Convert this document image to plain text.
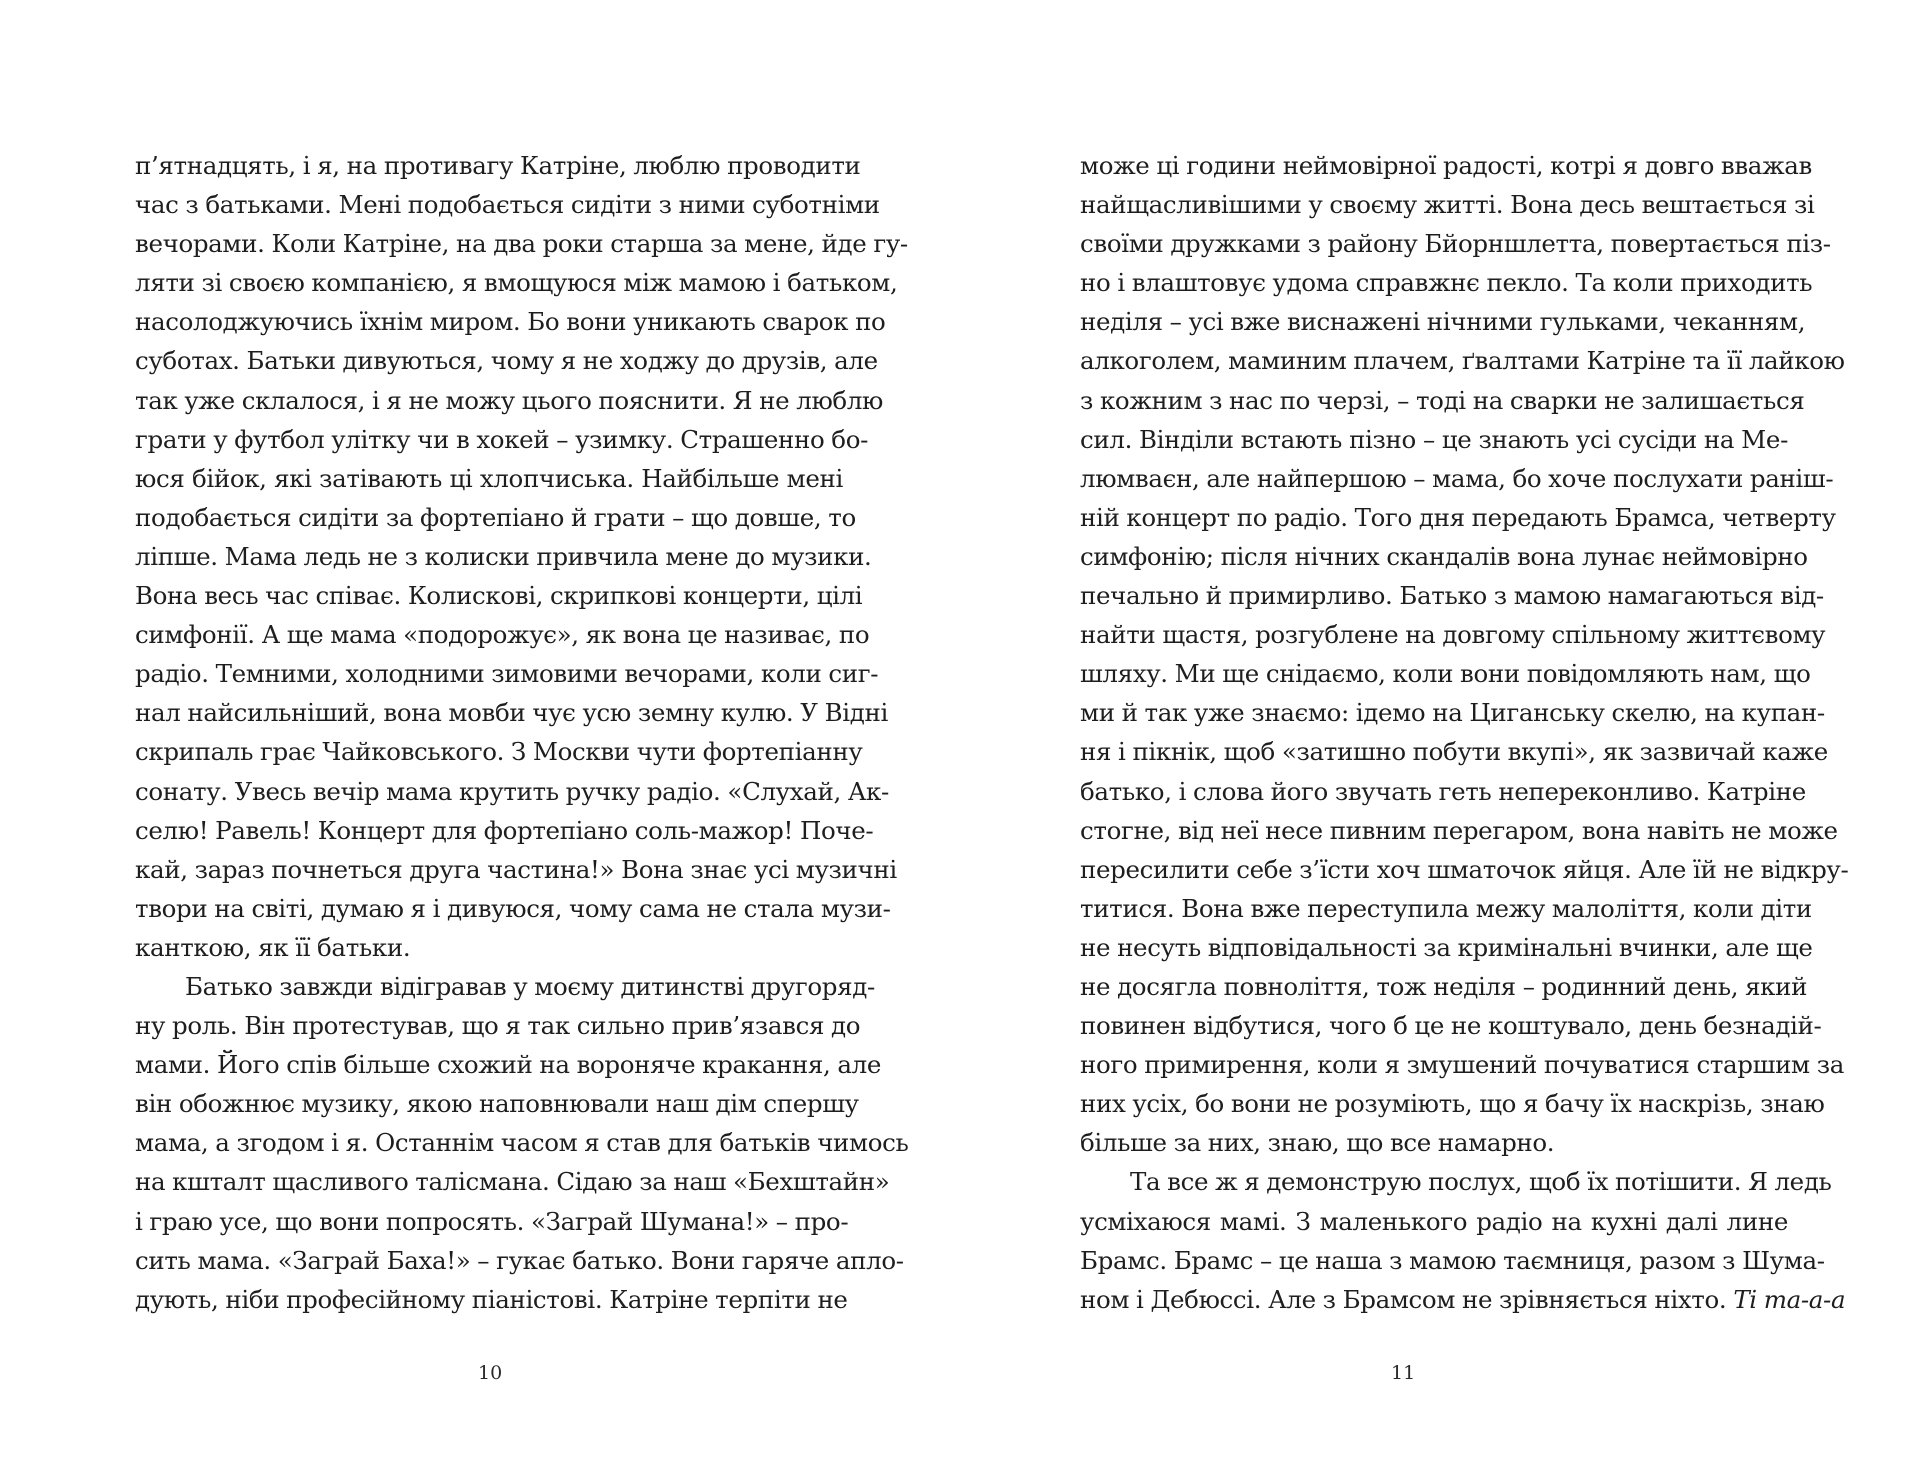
п’ятнадцять, і я, на противагу Катріне, люблю проводити
час з батьками. Мені подобається сидіти з ними суботніми
вечорами. Коли Катріне, на два роки старша за мене, йде гу-
ляти зі своєю компанією, я вмощуюся між мамою і батьком,
насолоджуючись їхнім миром. Бо вони уникають сварок по
суботах. Батьки дивуються, чому я не ходжу до друзів, але
так уже склалося, і я не можу цього пояснити. Я не люблю
грати у футбол улітку чи в хокей – узимку. Страшенно бо-
юся бійок, які затівають ці хлопчиська. Найбільше мені
подобається сидіти за фортепіано й грати – що довше, то
ліпше. Мама ледь не з колиски привчила мене до музики.
Вона весь час співає. Колискові, скрипкові концерти, цілі
симфонії. А ще мама «подорожує», як вона це називає, по
радіо. Темними, холодними зимовими вечорами, коли сиг-
нал найсильніший, вона мовби чує усю земну кулю. У Відні
скрипаль грає Чайковського. З Москви чути фортепіанну
сонату. Увесь вечір мама крутить ручку радіо. «Слухай, Ак-
селю! Равель! Концерт для фортепіано соль-мажор! Поче-
кай, зараз почнеться друга частина!» Вона знає усі музичні
твори на світі, думаю я і дивуюся, чому сама не стала музи-
канткою, як її батьки.
Батько завжди відігравав у моєму дитинстві другоряд-
ну роль. Він протестував, що я так сильно прив’язався до
мами. Його спів більше схожий на вороняче кракання, але
він обожнює музику, якою наповнювали наш дім спершу
мама, а згодом і я. Останнім часом я став для батьків чимось
на кшталт щасливого талісмана. Сідаю за наш «Бехштайн»
і граю усе, що вони попросять. «Заграй Шумана!» – про-
сить мама. «Заграй Баха!» – гукає батько. Вони гаряче апло-
дують, ніби професійному піаністові. Катріне терпіти не
10
може ці години неймовірної радості, котрі я довго вважав
найщасливішими у своєму житті. Вона десь вештається зі
своїми дружками з району Бйорншлетта, повертається піз-
но і влаштовує удома справжнє пекло. Та коли приходить
неділя – усі вже виснажені нічними гульками, чеканням,
алкоголем, маминим плачем, ґвалтами Катріне та її лайкою
з кожним з нас по черзі, – тоді на сварки не залишається
сил. Вінділи встають пізно – це знають усі сусіди на Ме-
люмваєн, але найпершою – мама, бо хоче послухати раніш-
ній концерт по радіо. Того дня передають Брамса, четверту
симфонію; після нічних скандалів вона лунає неймовірно
печально й примирливо. Батько з мамою намагаються від-
найти щастя, розгублене на довгому спільному життєвому
шляху. Ми ще снідаємо, коли вони повідомляють нам, що
ми й так уже знаємо: ідемо на Циганську скелю, на купан-
ня і пікнік, щоб «затишно побути вкупі», як зазвичай каже
батько, і слова його звучать геть непереконливо. Катріне
стогне, від неї несе пивним перегаром, вона навіть не може
пересилити себе з’їсти хоч шматочок яйця. Але їй не відкру-
титися. Вона вже переступила межу малоліття, коли діти
не несуть відповідальності за кримінальні вчинки, але ще
не досягла повноліття, тож неділя – родинний день, який
повинен відбутися, чого б це не коштувало, день безнадій-
ного примирення, коли я змушений почуватися старшим за
них усіх, бо вони не розуміють, що я бачу їх наскрізь, знаю
більше за них, знаю, що все намарно.
Та все ж я демонструю послух, щоб їх потішити. Я ледь
усміхаюся мамі. З маленького радіо на кухні далі лине
Брамс. Брамс – це наша з мамою таємниця, разом з Шума-
ном і Дебюссі. Але з Брамсом не зрівняється ніхто. Ті та-а-а
11
